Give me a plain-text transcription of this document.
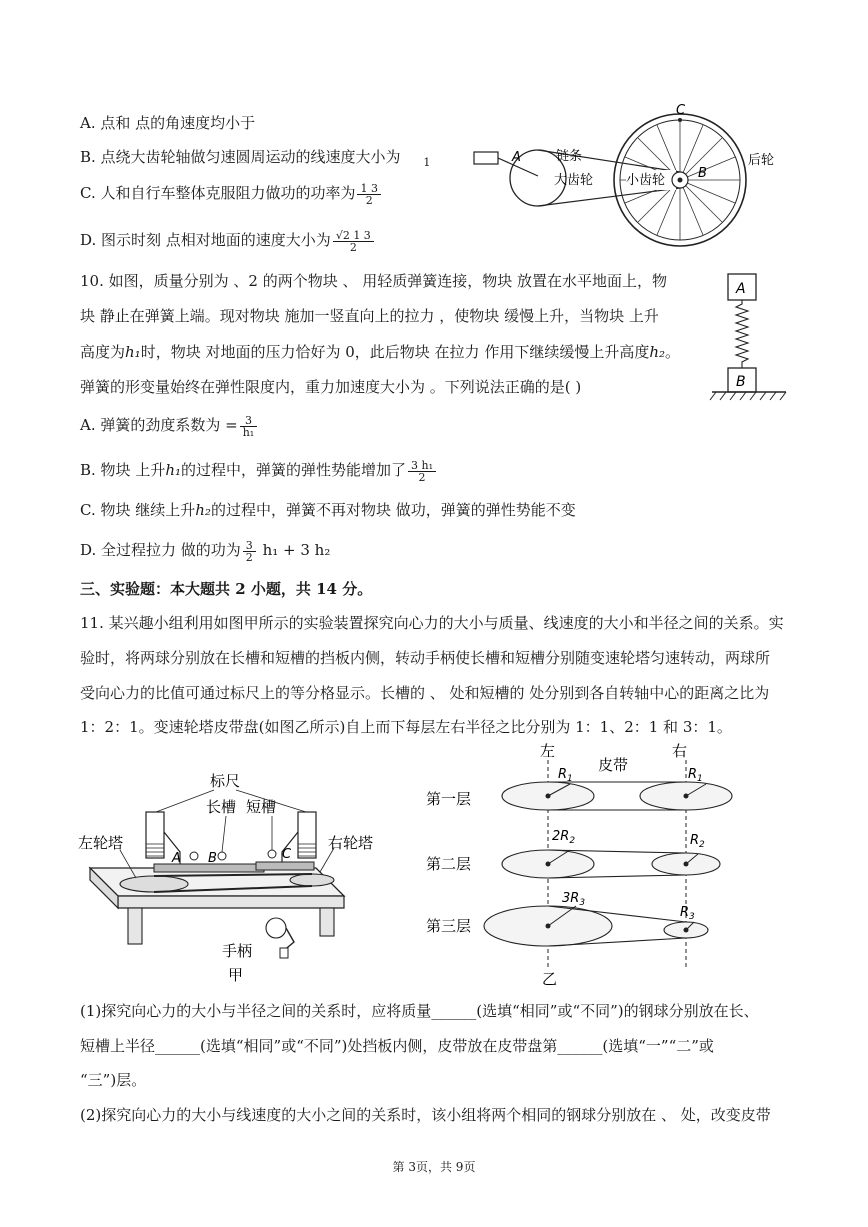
A. 点和 点的角速度均小于
B. 点绕大齿轮轴做匀速圆周运动的线速度大小为 $_1$
C. 人和自行车整体克服阻力做功的功率为 $\frac{1 3}{2}$
D. 图示时刻 点相对地面的速度大小为 $\frac{√2 1 3}{2}$
C
A	链条
大齿轮	小齿轮	B
后轮
10. 如图，质量分别为 、2 的两个物块 、 用轻质弹簧连接，物块 放置在水平地面上，物
块 静止在弹簧上端。现对物块 施加一竖直向上的拉力 ，使物块 缓慢上升，当物块 上升
高度为h₁时，物块 对地面的压力恰好为 0，此后物块 在拉力 作用下继续缓慢上升高度h₂。
弹簧的形变量始终在弹性限度内，重力加速度大小为 。下列说法正确的是( )
A. 弹簧的劲度系数为 = $\frac{3}{\text{h₁}}$
B. 物块 上升h₁的过程中，弹簧的弹性势能增加了 $\frac{\text{3 h₁}}{2}$
C. 物块 继续上升h₂的过程中，弹簧不再对物块 做功，弹簧的弹性势能不变
D. 全过程拉力 做的功为 $\frac{3}{2} h_1 + 3$ h₂
A
B
三、实验题：本大题共 2 小题，共 14 分。
11. 某兴趣小组利用如图甲所示的实验装置探究向心力的大小与质量、线速度的大小和半径之间的关系。实
验时，将两球分别放在长槽和短槽的挡板内侧，转动手柄使长槽和短槽分别随变速轮塔匀速转动，两球所
受向心力的比值可通过标尺上的等分格显示。长槽的 、 处和短槽的 处分别到各自转轴中心的距离之比为
1：2：1。变速轮塔皮带盘(如图乙所示)自上而下每层左右半径之比分别为 1：1、2：1 和 3：1。
标尺
长槽 短槽
左轮塔	右轮塔
A B	C
手柄
甲
左
皮带
右
第一层
第二层
第三层
$R_1$	$R_1$
$2R_2$	$R_2$
$3R_3$
$R_3$
乙
(1)探究向心力的大小与半径之间的关系时，应将质量______(选填“相同”或“不同”)的钢球分别放在长、
短槽上半径______(选填“相同”或“不同”)处挡板内侧，皮带放在皮带盘第______(选填“一”“二”或
“三”)层。
(2)探究向心力的大小与线速度的大小之间的关系时，该小组将两个相同的钢球分别放在 、 处，改变皮带
第 3页，共 9页
